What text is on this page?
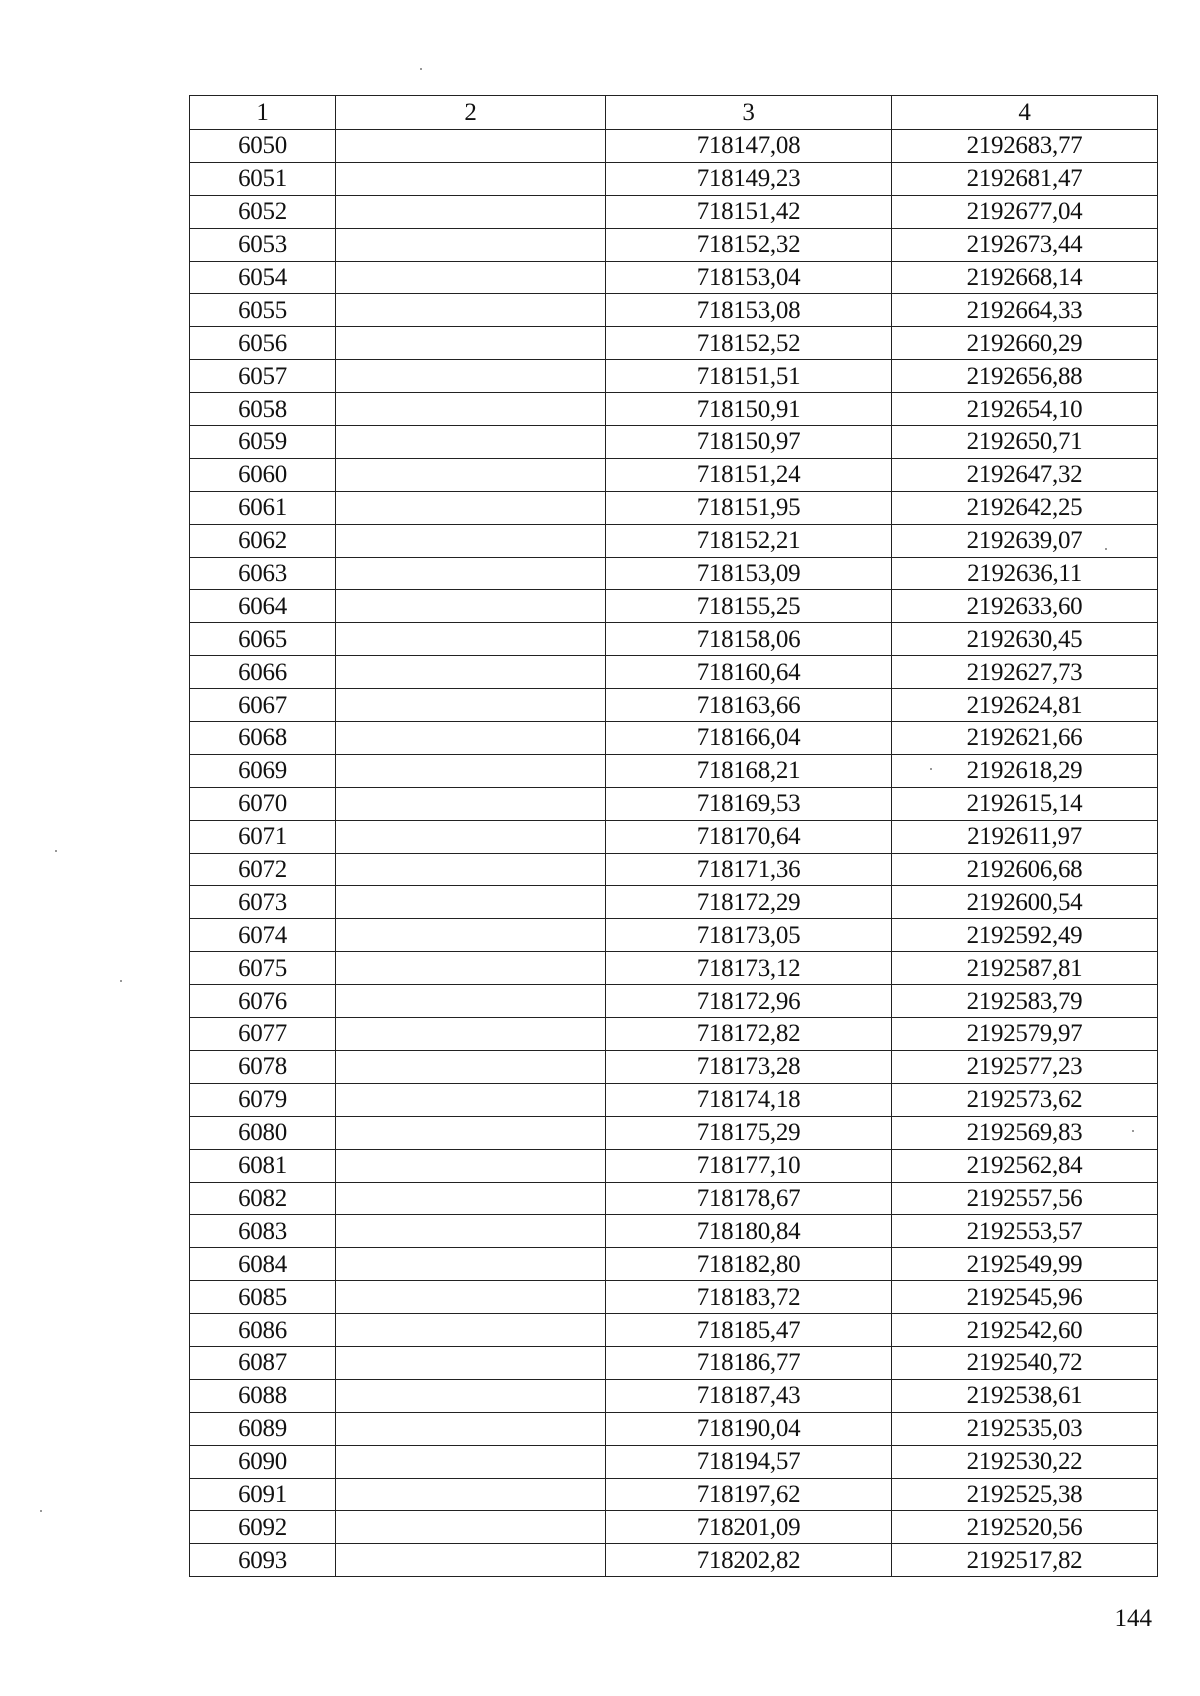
1	2	3	4
6050		718147,08	2192683,77
6051		718149,23	2192681,47
6052		718151,42	2192677,04
6053		718152,32	2192673,44
6054		718153,04	2192668,14
6055		718153,08	2192664,33
6056		718152,52	2192660,29
6057		718151,51	2192656,88
6058		718150,91	2192654,10
6059		718150,97	2192650,71
6060		718151,24	2192647,32
6061		718151,95	2192642,25
6062		718152,21	2192639,07
6063		718153,09	2192636,11
6064		718155,25	2192633,60
6065		718158,06	2192630,45
6066		718160,64	2192627,73
6067		718163,66	2192624,81
6068		718166,04	2192621,66
6069		718168,21	2192618,29
6070		718169,53	2192615,14
6071		718170,64	2192611,97
6072		718171,36	2192606,68
6073		718172,29	2192600,54
6074		718173,05	2192592,49
6075		718173,12	2192587,81
6076		718172,96	2192583,79
6077		718172,82	2192579,97
6078		718173,28	2192577,23
6079		718174,18	2192573,62
6080		718175,29	2192569,83
6081		718177,10	2192562,84
6082		718178,67	2192557,56
6083		718180,84	2192553,57
6084		718182,80	2192549,99
6085		718183,72	2192545,96
6086		718185,47	2192542,60
6087		718186,77	2192540,72
6088		718187,43	2192538,61
6089		718190,04	2192535,03
6090		718194,57	2192530,22
6091		718197,62	2192525,38
6092		718201,09	2192520,56
6093		718202,82	2192517,82
144
